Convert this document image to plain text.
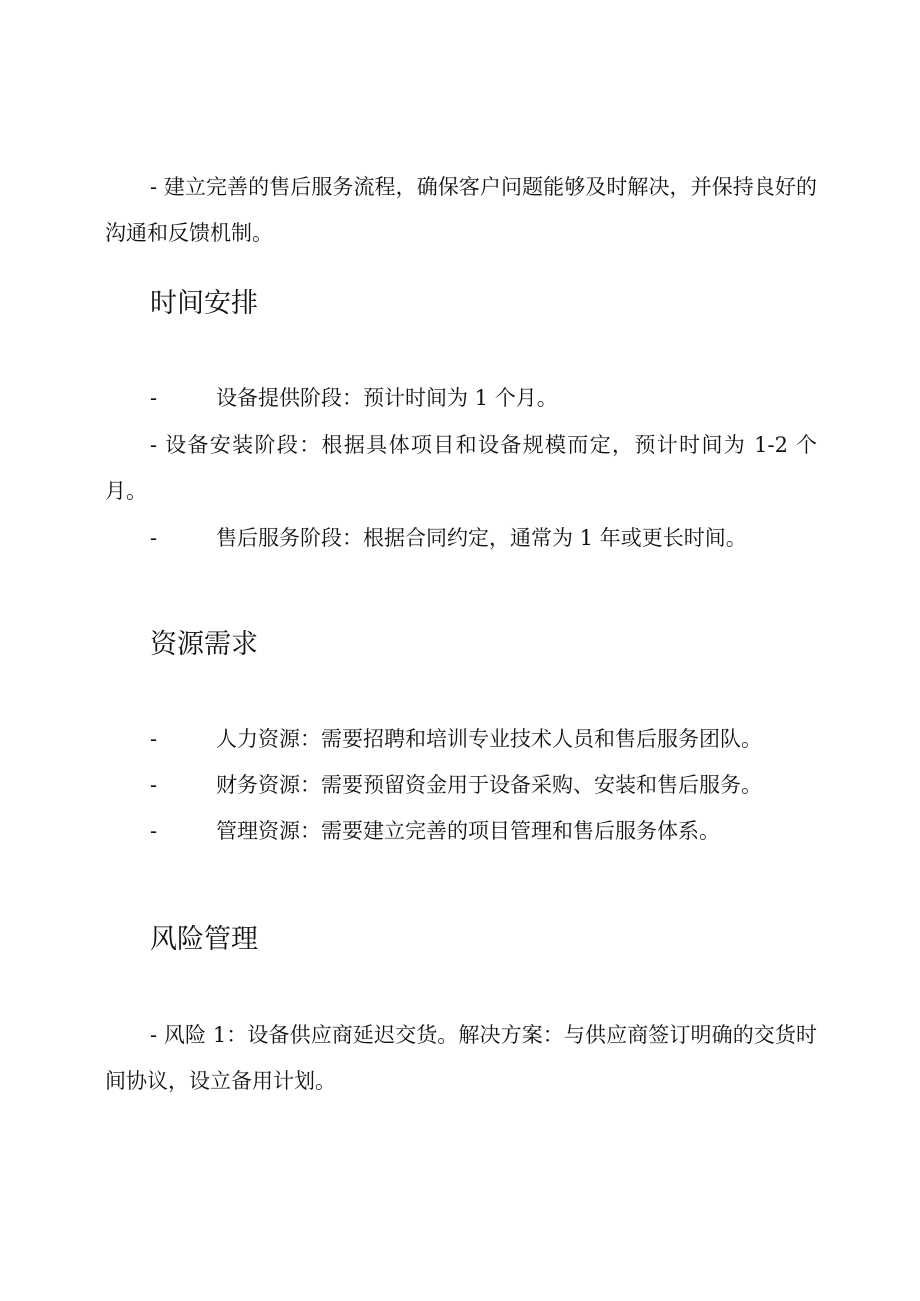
- 建立完善的售后服务流程，确保客户问题能够及时解决，并保持良好的沟通和反馈机制。

时间安排
-	设备提供阶段：预计时间为 1 个月。

- 设备安装阶段：根据具体项目和设备规模而定，预计时间为 1-2 个月。

-	售后服务阶段：根据合同约定，通常为 1 年或更长时间。
资源需求
-	人力资源：需要招聘和培训专业技术人员和售后服务团队。
-	财务资源：需要预留资金用于设备采购、安装和售后服务。
-	管理资源：需要建立完善的项目管理和售后服务体系。
风险管理

- 风险 1：设备供应商延迟交货。解决方案：与供应商签订明确的交货时间协议，设立备用计划。
